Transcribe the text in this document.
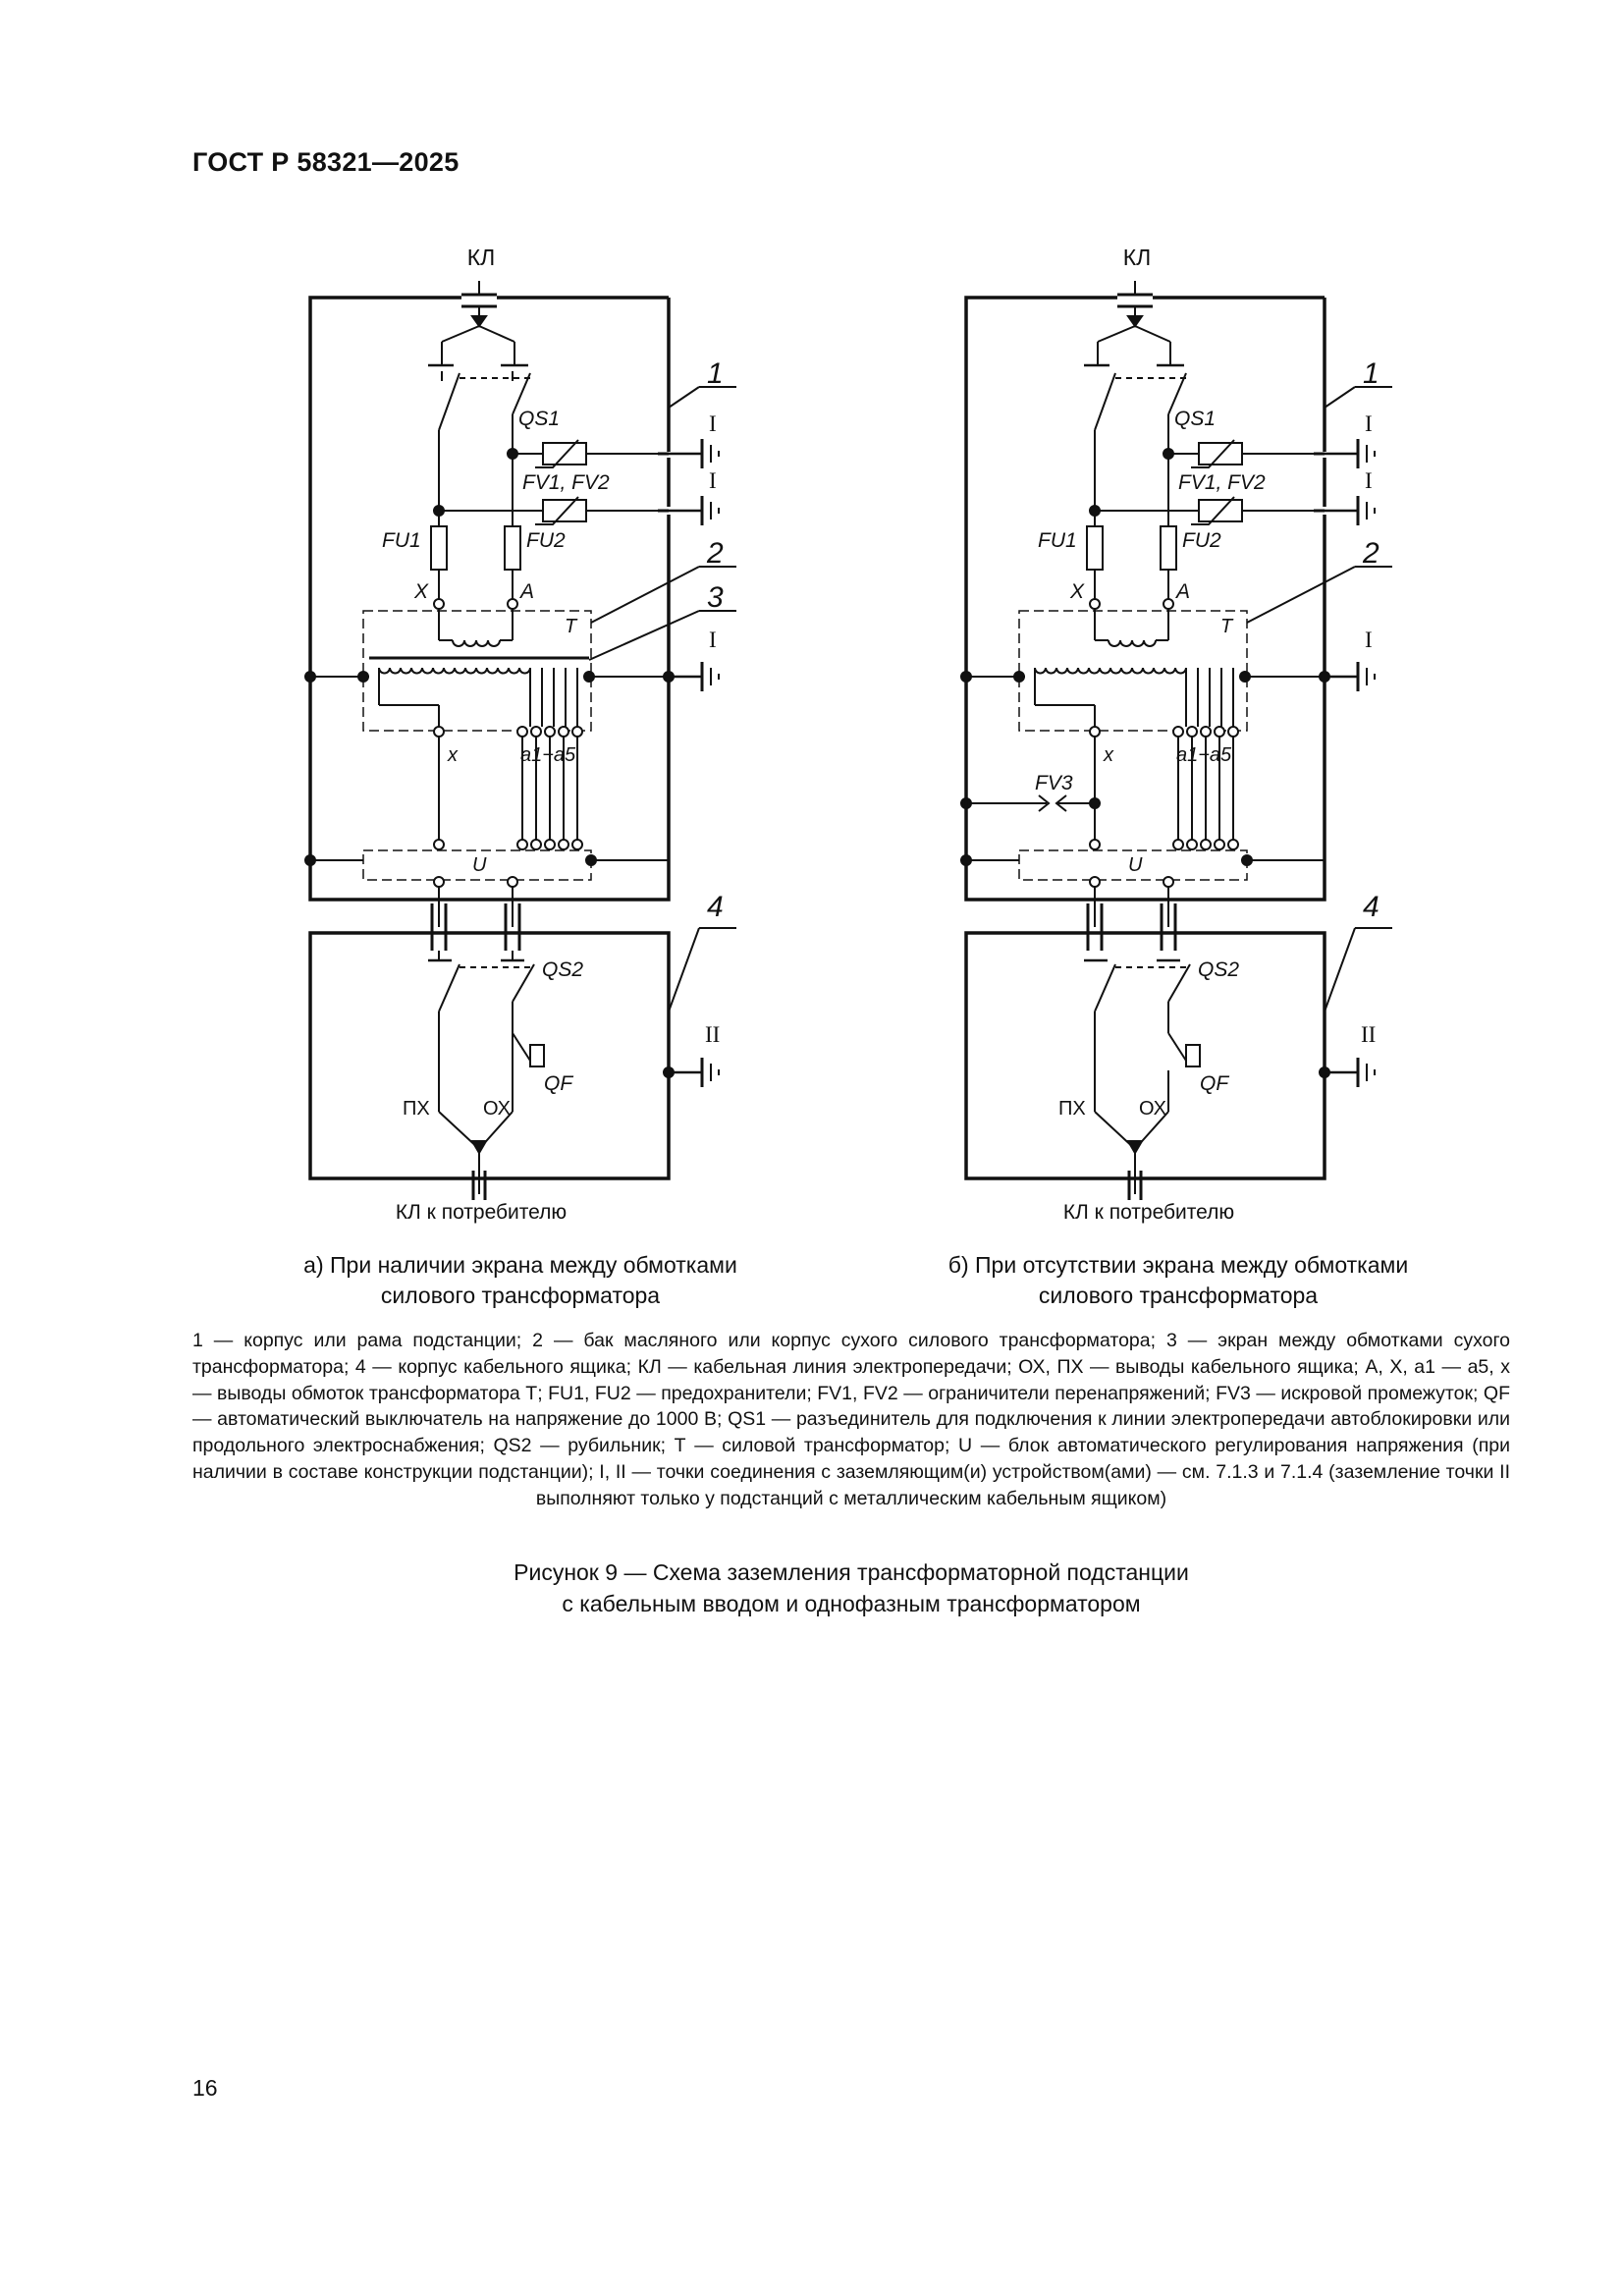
ГОСТ Р 58321—2025
КЛ
QS1
FV1, FV2
FU1	FU2
X	A
T
x	a1−a5
U
QS2
QF
ПХ	ОХ
КЛ к потребителю
I
I
I
II
1
2
3
4
КЛ
QS1
FV1, FV2
FU1	FU2
X	A
T
x	a1−a5
FV3
U
QS2
QF
ПХ	ОХ
КЛ к потребителю
I
I
I
II
1
2
4
а) При наличии экрана между обмотками
силового трансформатора
б) При отсутствии экрана между обмотками
силового трансформатора
1 — корпус или рама подстанции; 2 — бак масляного или корпус сухого силового трансформатора; 3 — экран между обмотками сухого трансформатора; 4 — корпус кабельного ящика; КЛ — кабельная линия электропередачи; ОХ, ПХ — выводы кабельного ящика; А, Х, а1 — а5, х — выводы обмоток трансформатора Т; FU1, FU2 — предохранители; FV1, FV2 — ограничители перенапряжений; FV3 — искровой промежуток; QF — автоматический выключатель на напряжение до 1000 В; QS1 — разъединитель для подключения к линии электропередачи автоблокировки или продольного электроснабжения; QS2 — рубильник; Т — силовой трансформатор; U — блок автоматического регулирования напряжения (при наличии в составе конструкции подстанции); I, II — точки соединения с заземляющим(и) устройством(ами) — см. 7.1.3 и 7.1.4 (заземление точки II выполняют только у подстанций с металлическим кабельным ящиком)
Рисунок 9 — Схема заземления трансформаторной подстанции
с кабельным вводом и однофазным трансформатором
16
